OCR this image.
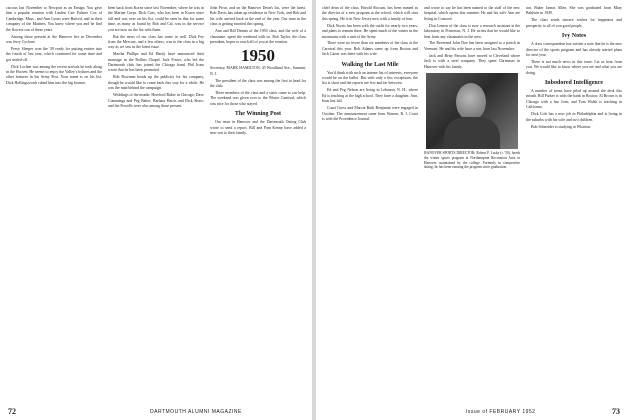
ciscous last November to Newport as an Ensign. You gave him a popular reunion with Linden Cair Fulmer Cox of Cambridge, Mass., and Ann Lyons were Buford, and in their company of the Marines. You knew where you and he find the flowers can of these years.

Among those present at the Hanover fire in December was Jerry Cyclone.

Prexy Sleeper won the '49 ready for putting entries into the fourth of last year, which continued for some time and got sealed off.

Dick Lochen was among the recent arrivals he took along in the Hoover. He seems to enjoy the Valley's bylines and the other features in his Army Post. Your name is on his list. Dick Hollingsworth cubed him into the big bounce.

been back from Korea since last November, where he was in the Marine Corps. Dick Cass, who has been in Korea since fall and was over on his list, could be seen in that for some time, as many as found by Bob and Cal, was in the service you are now on the list with them.

But the news of our class has come in well. Dick Fey from the Mercury, and a few others, was in the class in a big way as we saw in the latest issue.

Martha Phillips and Ed Hardy have announced their marriage in the Rollins Chapel. Jack Foster, who led the Dartmouth club, has joined the Chicago band. Phil Irons wrote that he has been promoted.

Bob Bowman heads up the publicity for his company, though he would like to come back this way for a while. He was the man behind the campaign.

Weddings of the month: Hereford Baker in Chicago; Dave Cummings and Peg Baker; Barbara Harris and Dick Shaw; and the Powells were also among those present.

John Pivar, and on the Hanover Dean's list, were the latest. Bob Davis has taken up residence in New York, and Bob and his wife arrived back at the end of the year. Our man in the class is getting married this spring.

Ann and Bill Dennis of the 1950 class, and the wife of a classmate, spent the weekend with us. Bob Taylor, the class president, hopes to reach all of you at the reunion.

1950

Secretary, MARK HAMILTON, 45 Woodland Ave., Summit, N. J.

The president of the class was among the first to head for the club.

Three members of the class and a sister came to our help. The weekend was given over to the Winter Carnival, which was nice for those who stayed.

The Winning Post

Our man in Hanover and the Dartmouth Outing Club wrote to send a report. Bill and Pam Kenny have added a new son to their family.

chief dean of the class, Harold Slocum, has been named as the director of a new program at the school, which will start this spring. He is in New Jersey now with a family of four.

Dick Norris has been with the outfit for nearly two years, and plans to remain there. He spent much of the winter in the mountains with a unit of the Army.

There were no fewer than six members of the class at the Carnival this year. Bob Adams came up from Boston and Jack Carter was there with his wife.

Walking the Last Mile

You'd think with such an intense list of interests, everyone would be on the ballot. But with only a few exceptions, the list is short and the reports are few and far between.

Ed and Peg Nelson are living in Lebanon, N. H., where Ed is teaching at the high school. They have a daughter, Ann, born last fall.

Court Gross and Marcia Ruth Benjamin were engaged in October. The announcement came from Warren, R. I. Court is with the Providence Journal.

and wrote to say he has been named to the staff of the new hospital, which opens this summer. He and his wife Ann are living in Concord.

Don Lemon of the class is now a research assistant at the laboratory in Princeton, N. J. He writes that he would like to hear from any classmates in the area.

The Reverend John Doe has been assigned to a parish in Vermont. He and his wife have a son, born last November.

Jack and Betty Parsons have moved to Cleveland where Jack is with a steel company. They spent Christmas in Hanover with his family.

HANOVER SPORTS DIRECTOR: Robert P. Lasky (r. '50), heads the winter sports program at Northampton Recreation Area in Hanover, maintained by the college. Formerly in competitive skiing, he has been running the program since graduation.

ton, Baker Jamas Allen. She was graduated from Mary Baldwin in 1949.

The class sends sincere wishes for happiness and prosperity to all of you good people.

Ivy Notes

A class correspondent has written a note that he is the new director of the sports program and has already started plans for next year.

There is not much news in this issue. Let us hear from you. We would like to know where you are and what you are doing.

Inbodored Intelligence

A number of items have piled up around the desk this month. Bill Parker is with the bank in Boston; Al Brown is in Chicago with a law firm; and Tom Walsh is teaching in California.

Dick Cole has a new job in Philadelphia and is living in the suburbs with his wife and two children.

Bob Schneider is studying at Wharton.

72	DARTMOUTH ALUMNI MAGAZINE	Issue of FEBRUARY 1952	73
